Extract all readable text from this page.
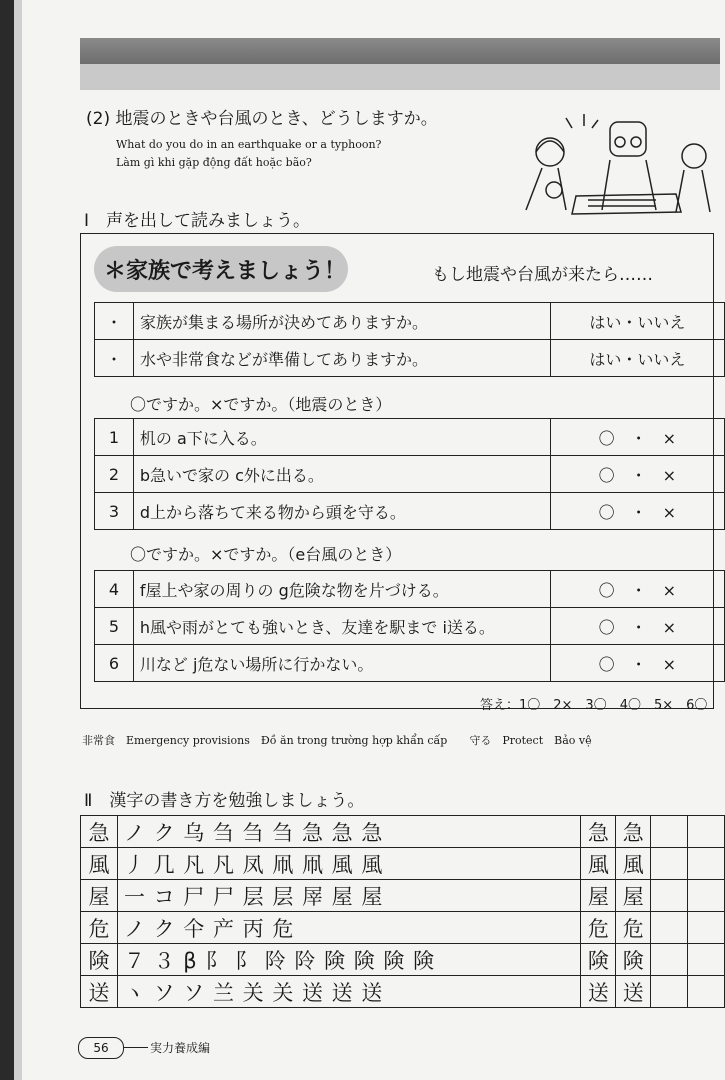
(2) 地震のときや台風のとき、どうしますか。
What do you do in an earthquake or a typhoon?
Làm gì khi gặp động đất hoặc bão?
Ⅰ　声を出して読みましょう。
＊家族で考えましょう！	もし地震や台風が来たら……
・	家族が集まる場所が決めてありますか。	はい・いいえ
・	水や非常食などが準備してありますか。	はい・いいえ
〇ですか。×ですか。（地震のとき）
1	机の a下に入る。	〇　・　×
2	b急いで家の c外に出る。	〇　・　×
3	d上から落ちて来る物から頭を守る。	〇　・　×
〇ですか。×ですか。（e台風のとき）
4	f屋上や家の周りの g危険な物を片づける。	〇　・　×
5	h風や雨がとても強いとき、友達を駅まで i送る。	〇　・　×
6	川など j危ない場所に行かない。	〇　・　×
答え：1〇　2×　3〇　4〇　5×　6〇
非常食　Emergency provisions　Đồ ăn trong trường hợp khẩn cấp　　守る　Protect　Bảo vệ
Ⅱ　漢字の書き方を勉強しましょう。
急	ノ ク 乌 刍 刍 刍 急 急 急	急	急		
風	丿 几 凡 凡 凤 凧 凧 風 風	風	風		
屋	一 コ 尸 尸 层 层 屖 屋 屋	屋	屋		
危	ノ ク 仐 产 丙 危	危	危		
険	７ ３ β 阝 阝 阾 阾 険 険 険 険	険	険		
送	ヽ ソ ソ 兰 关 关 送 送 送	送	送		
56	実力養成編
